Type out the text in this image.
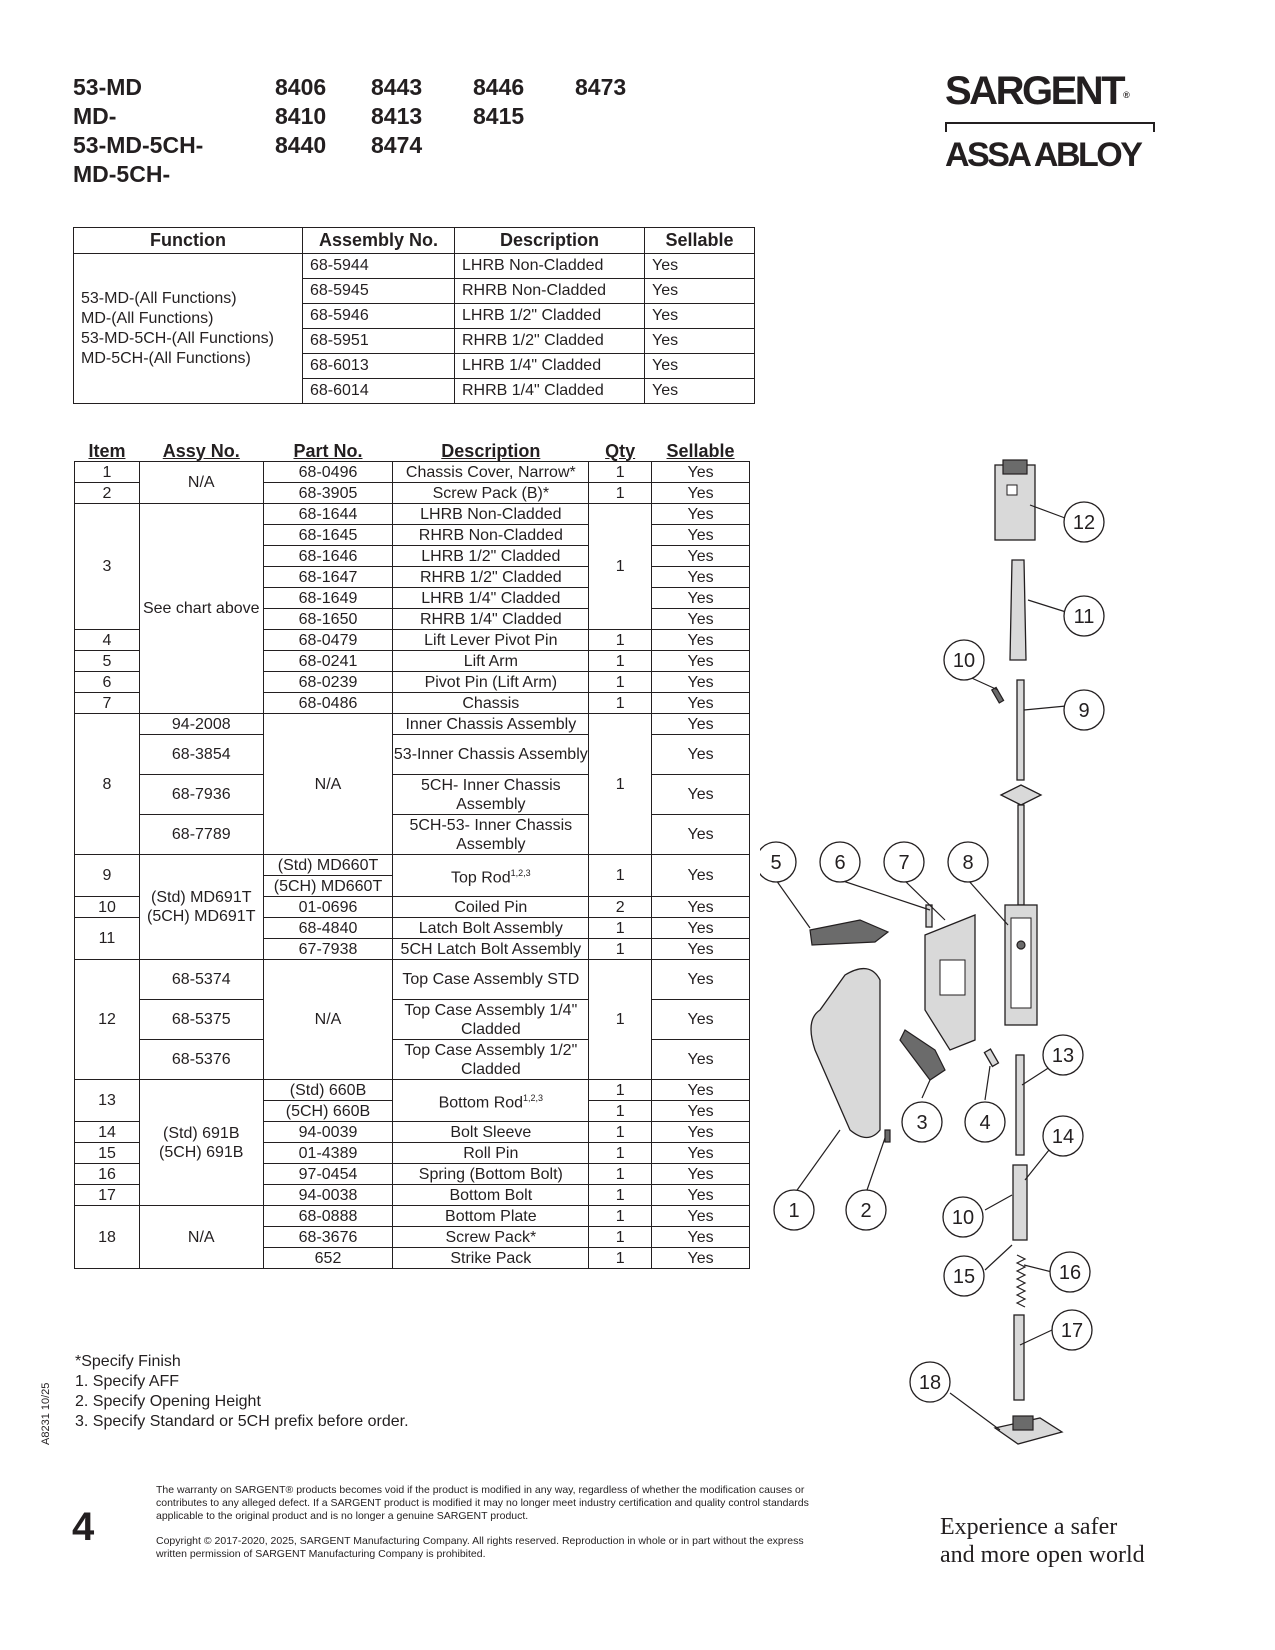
53-MD	8406	8443	8446	8473
MD-	8410	8413	8415
53-MD-5CH-	8440	8474
MD-5CH-
SARGENT®
ASSA ABLOY
Function	Assembly No.	Description	Sellable

53-MD-(All Functions)
MD-(All Functions)
53-MD-5CH-(All Functions)
MD-5CH-(All Functions)	68-5944	LHRB Non-Cladded	Yes
	68-5945	RHRB Non-Cladded	Yes
	68-5946	LHRB 1/2" Cladded	Yes
	68-5951	RHRB 1/2" Cladded	Yes
	68-6013	LHRB 1/4" Cladded	Yes
	68-6014	RHRB 1/4" Cladded	Yes
Item	Assy No.	Part No.	Description	Qty	Sellable
1	N/A	68-0496	Chassis Cover, Narrow*	1	Yes
2		68-3905	Screw Pack (B)*	1	Yes
3	See chart above	68-1644	LHRB Non-Cladded	1	Yes
		68-1645	RHRB Non-Cladded		Yes
		68-1646	LHRB 1/2" Cladded		Yes
		68-1647	RHRB 1/2" Cladded		Yes
		68-1649	LHRB 1/4" Cladded		Yes
		68-1650	RHRB 1/4" Cladded		Yes
4		68-0479	Lift Lever Pivot Pin	1	Yes
5		68-0241	Lift Arm	1	Yes
6		68-0239	Pivot Pin (Lift Arm)	1	Yes
7		68-0486	Chassis	1	Yes
8	94-2008	N/A	Inner Chassis Assembly	1	Yes
	68-3854		53-Inner Chassis Assembly		Yes
	68-7936		5CH- Inner Chassis Assembly		Yes
	68-7789		5CH-53- Inner Chassis Assembly		Yes
9	(Std) MD691T
(5CH) MD691T	(Std) MD660T	Top Rod$^{1,2,3}$	1	Yes
		(5CH) MD660T			
10		01-0696	Coiled Pin	2	Yes
11		68-4840	Latch Bolt Assembly	1	Yes
		67-7938	5CH Latch Bolt Assembly	1	Yes
12	68-5374	N/A	Top Case Assembly STD	1	Yes
	68-5375		Top Case Assembly 1/4" Cladded		Yes
	68-5376		Top Case Assembly 1/2" Cladded		Yes
13	(Std) 691B
(5CH) 691B	(Std) 660B	Bottom Rod$^{1,2,3}$	1	Yes
		(5CH) 660B		1	Yes
14		94-0039	Bolt Sleeve	1	Yes
15		01-4389	Roll Pin	1	Yes
16		97-0454	Spring (Bottom Bolt)	1	Yes
17		94-0038	Bottom Bolt	1	Yes
18	N/A	68-0888	Bottom Plate	1	Yes
		68-3676	Screw Pack*	1	Yes
		652	Strike Pack	1	Yes
12
11
10
9
5	6	7	8
13
3	4
14
1	2	10
15	16
17
18
*Specify Finish
1. Specify AFF
2. Specify Opening Height
3. Specify Standard or 5CH prefix before order.
A8231 10/25
4
The warranty on SARGENT® products becomes void if the product is modified in any way, regardless of whether the modification causes or contributes to any alleged defect. If a SARGENT product is modified it may no longer meet industry certification and quality control standards applicable to the original product and is no longer a genuine SARGENT product.
Copyright © 2017-2020, 2025, SARGENT Manufacturing Company. All rights reserved. Reproduction in whole or in part without the express written permission of SARGENT Manufacturing Company is prohibited.
Experience a safer
and more open world
